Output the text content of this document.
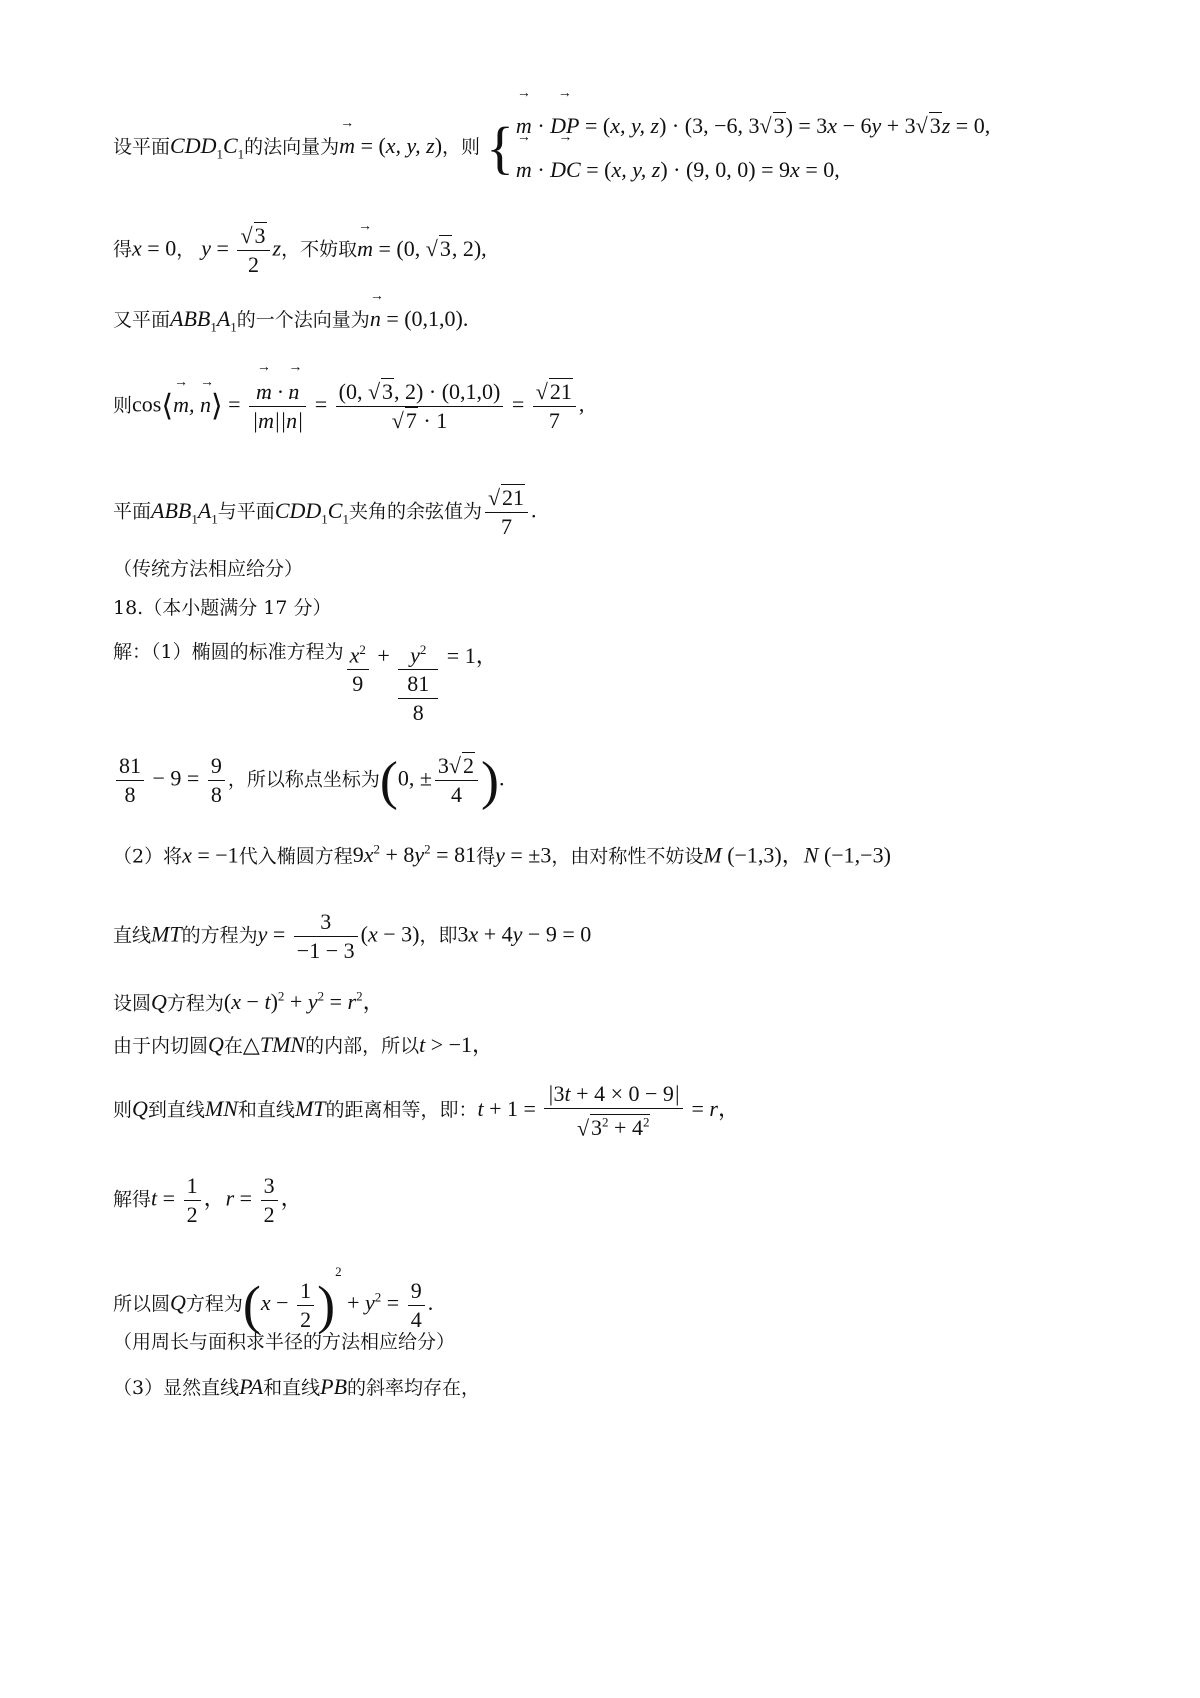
设平面$CDD_1C_1$的法向量为→ m = (x, y, z)，则 { → m · → DP = (x, y, z) · (3, −6, 3√3) = 3x − 6y + 3√3z = 0,
→ m · → DC = (x, y, z) · (9, 0, 0) = 9x = 0,
得x = 0， $y = \frac{√3}{2}$ z，不妨取→ m = (0, √3, 2),
又平面$ABB_1A_1$的一个法向量为→ n = (0,1,0).
则cos⟨→ m, → n⟩ = → $\frac{m \cdot \to n}{|\to m||\to n|} = \frac{(0, √3, 2) \cdot (0,1,0)}{√7 \cdot 1} = \frac{√21}{7}$ ,
平面$ABB_1A_1$与平面$CDD_1C_1$夹角的余弦值为 $\frac{√21}{7}$ .
（传统方法相应给分）
18.（本小题满分 17 分）
解：（1）椭圆的标准方程为 $\frac{x^2}{9} + y^2$
81
8
= 1，
$\frac{81}{8} - 9 = \frac{9}{8}$ ，所以称点坐标为(0, ± $\frac{3√2}{4}$ ).
（2）将x = −1代入椭圆方程$9x^2 + 8y^2 = 81$得y = ±3，由对称性不妨设M (−1,3)，N (−1,−3)
直线MT的方程为$y = \frac{3}{-1 - 3} (x - 3)$，即3x + 4y − 9 = 0
设圆Q方程为$(x - t)^2 + y^2 = r^2$，
由于内切圆Q在△TMN的内部，所以t > −1，
则Q到直线MN和直线MT的距离相等，即：$t + 1 = \frac{|3t + 4 \times 0 - 9|}{√3^2 + 4^2} = r$，
解得$t = \frac{1}{2}$ ，$r = \frac{3}{2}$ ，
所以圆Q方程为$(x - \frac{1}{2} )^2 + y^2 = \frac{9}{4}$ .
（用周长与面积求半径的方法相应给分）
（3）显然直线PA和直线PB的斜率均存在，
